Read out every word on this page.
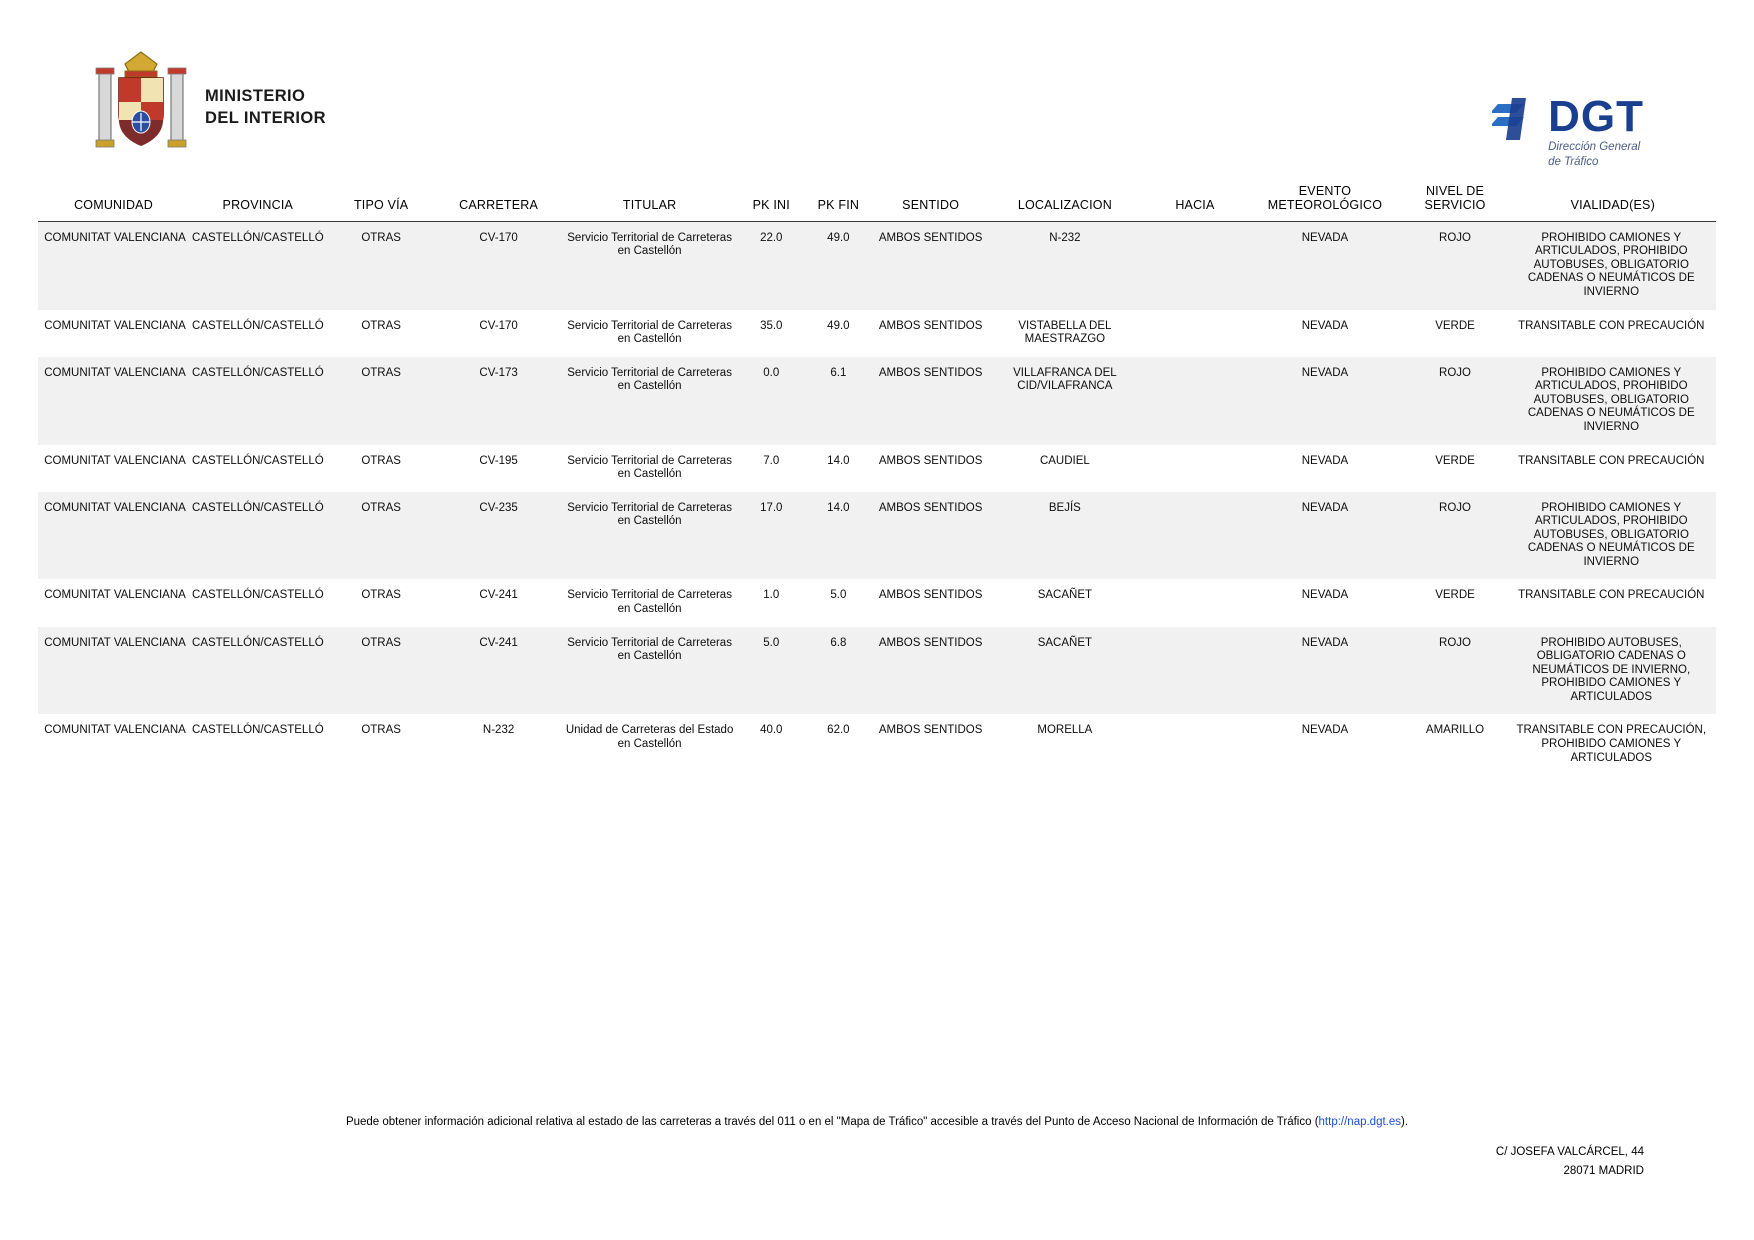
MINISTERIO
DEL INTERIOR	DGT
Dirección General
de Tráfico
COMUNIDAD	PROVINCIA	TIPO VÍA	CARRETERA	TITULAR	PK INI	PK FIN	SENTIDO	LOCALIZACION	HACIA	EVENTO METEOROLÓGICO	NIVEL DE SERVICIO	VIALIDAD(ES)
COMUNITAT VALENCIANA	CASTELLÓN/CASTELLÓ	OTRAS	CV-170	Servicio Territorial de Carreteras en Castellón	22.0	49.0	AMBOS SENTIDOS	N-232		NEVADA	ROJO	PROHIBIDO CAMIONES Y ARTICULADOS, PROHIBIDO AUTOBUSES, OBLIGATORIO CADENAS O NEUMÁTICOS DE INVIERNO
COMUNITAT VALENCIANA	CASTELLÓN/CASTELLÓ	OTRAS	CV-170	Servicio Territorial de Carreteras en Castellón	35.0	49.0	AMBOS SENTIDOS	VISTABELLA DEL MAESTRAZGO		NEVADA	VERDE	TRANSITABLE CON PRECAUCIÓN
COMUNITAT VALENCIANA	CASTELLÓN/CASTELLÓ	OTRAS	CV-173	Servicio Territorial de Carreteras en Castellón	0.0	6.1	AMBOS SENTIDOS	VILLAFRANCA DEL CID/VILAFRANCA		NEVADA	ROJO	PROHIBIDO CAMIONES Y ARTICULADOS, PROHIBIDO AUTOBUSES, OBLIGATORIO CADENAS O NEUMÁTICOS DE INVIERNO
COMUNITAT VALENCIANA	CASTELLÓN/CASTELLÓ	OTRAS	CV-195	Servicio Territorial de Carreteras en Castellón	7.0	14.0	AMBOS SENTIDOS	CAUDIEL		NEVADA	VERDE	TRANSITABLE CON PRECAUCIÓN
COMUNITAT VALENCIANA	CASTELLÓN/CASTELLÓ	OTRAS	CV-235	Servicio Territorial de Carreteras en Castellón	17.0	14.0	AMBOS SENTIDOS	BEJÍS		NEVADA	ROJO	PROHIBIDO CAMIONES Y ARTICULADOS, PROHIBIDO AUTOBUSES, OBLIGATORIO CADENAS O NEUMÁTICOS DE INVIERNO
COMUNITAT VALENCIANA	CASTELLÓN/CASTELLÓ	OTRAS	CV-241	Servicio Territorial de Carreteras en Castellón	1.0	5.0	AMBOS SENTIDOS	SACAÑET		NEVADA	VERDE	TRANSITABLE CON PRECAUCIÓN
COMUNITAT VALENCIANA	CASTELLÓN/CASTELLÓ	OTRAS	CV-241	Servicio Territorial de Carreteras en Castellón	5.0	6.8	AMBOS SENTIDOS	SACAÑET		NEVADA	ROJO	PROHIBIDO AUTOBUSES, OBLIGATORIO CADENAS O NEUMÁTICOS DE INVIERNO, PROHIBIDO CAMIONES Y ARTICULADOS
COMUNITAT VALENCIANA	CASTELLÓN/CASTELLÓ	OTRAS	N-232	Unidad de Carreteras del Estado en Castellón	40.0	62.0	AMBOS SENTIDOS	MORELLA		NEVADA	AMARILLO	TRANSITABLE CON PRECAUCIÓN, PROHIBIDO CAMIONES Y ARTICULADOS
Puede obtener información adicional relativa al estado de las carreteras a través del 011 o en el "Mapa de Tráfico" accesible a través del Punto de Acceso Nacional de Información de Tráfico (http://nap.dgt.es).
C/ JOSEFA VALCÁRCEL, 44
28071 MADRID
